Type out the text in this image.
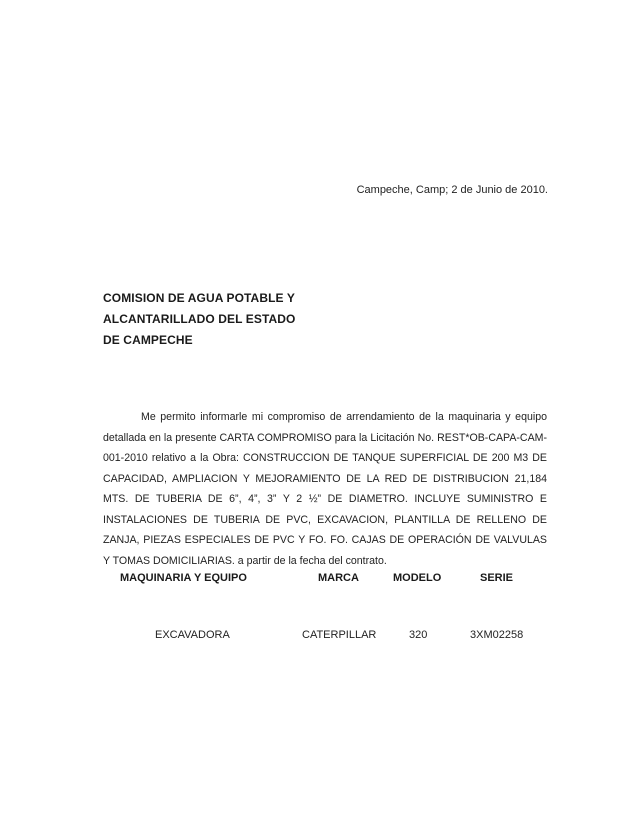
Campeche, Camp; 2 de Junio de 2010.
COMISION DE AGUA POTABLE Y
ALCANTARILLADO DEL ESTADO
DE CAMPECHE

Me permito informarle mi compromiso de arrendamiento de la maquinaria y equipo detallada en la presente CARTA COMPROMISO para la Licitación No. REST*OB-CAPA-CAM-001-2010 relativo a la Obra: CONSTRUCCION DE TANQUE SUPERFICIAL DE 200 M3 DE CAPACIDAD, AMPLIACION Y MEJORAMIENTO DE LA RED DE DISTRIBUCION 21,184 MTS. DE TUBERIA DE 6”, 4”, 3” Y 2 ½” DE DIAMETRO. INCLUYE SUMINISTRO E INSTALACIONES DE TUBERIA DE PVC, EXCAVACION, PLANTILLA DE RELLENO DE ZANJA, PIEZAS ESPECIALES DE PVC Y FO. FO. CAJAS DE OPERACIÓN DE VALVULAS Y TOMAS DOMICILIARIAS. a partir de la fecha del contrato.

MAQUINARIA Y EQUIPO	MARCA	MODELO	SERIE
EXCAVADORA	CATERPILLAR	320	3XM02258
